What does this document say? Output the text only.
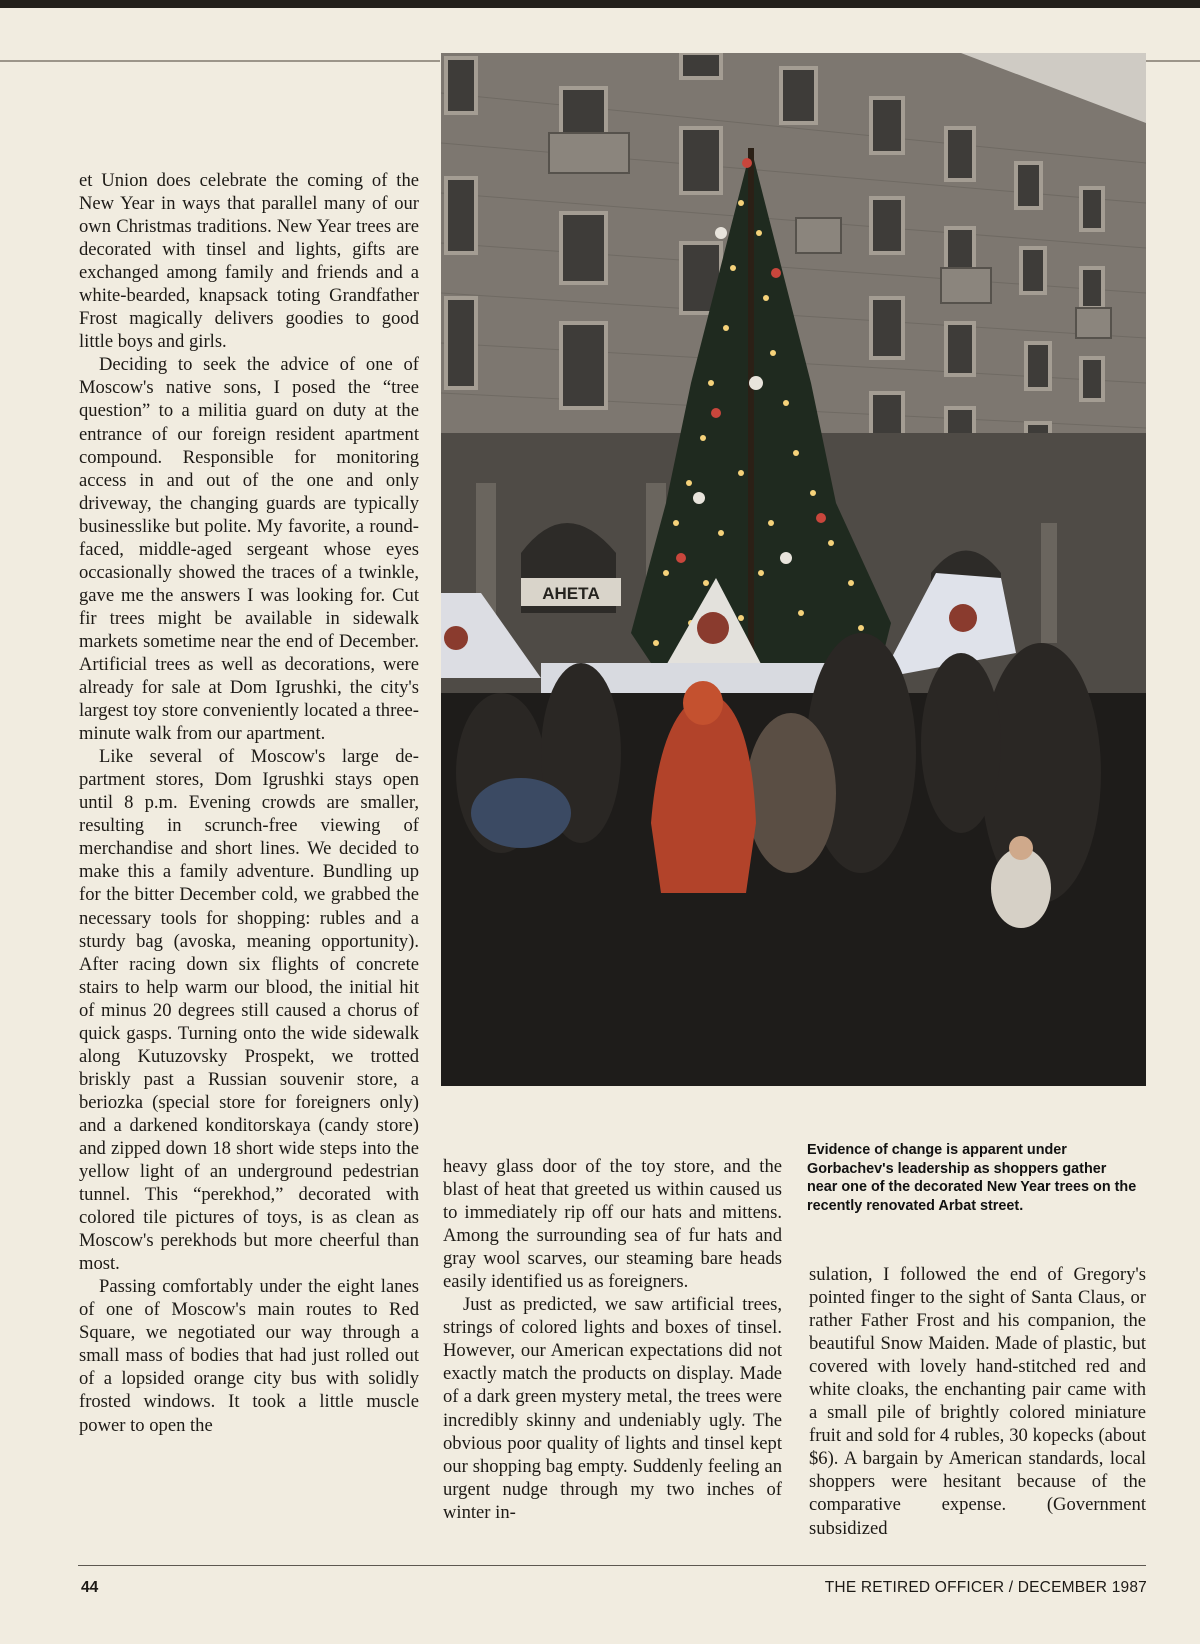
et Union does celebrate the coming of the New Year in ways that parallel many of our own Christmas traditions. New Year trees are decorated with tinsel and lights, gifts are exchanged among family and friends and a white-bearded, knapsack toting Grandfather Frost magically delivers goodies to good little boys and girls.

Deciding to seek the advice of one of Moscow's native sons, I posed the “tree question” to a militia guard on duty at the entrance of our foreign resident apartment compound. Responsible for monitoring access in and out of the one and only driveway, the changing guards are typically businesslike but polite. My favorite, a round-faced, middle-aged sergeant whose eyes occasionally showed the traces of a twinkle, gave me the answers I was looking for. Cut fir trees might be available in sidewalk markets sometime near the end of December. Artificial trees as well as decorations, were already for sale at Dom Igrushki, the city's largest toy store conveniently located a three-minute walk from our apartment.

Like several of Moscow's large department stores, Dom Igrushki stays open until 8 p.m. Evening crowds are smaller, resulting in scrunch-free viewing of merchandise and short lines. We decided to make this a family adventure. Bundling up for the bitter December cold, we grabbed the necessary tools for shopping: rubles and a sturdy bag (avoska, meaning opportunity). After racing down six flights of concrete stairs to help warm our blood, the initial hit of minus 20 degrees still caused a chorus of quick gasps. Turning onto the wide sidewalk along Kutuzovsky Prospekt, we trotted briskly past a Russian souvenir store, a beriozka (special store for foreigners only) and a darkened konditorskaya (candy store) and zipped down 18 short wide steps into the yellow light of an underground pedestrian tunnel. This “perekhod,” decorated with colored tile pictures of toys, is as clean as Moscow's perekhods but more cheerful than most.

Passing comfortably under the eight lanes of one of Moscow's main routes to Red Square, we negotiated our way through a small mass of bodies that had just rolled out of a lopsided orange city bus with solidly frosted windows. It took a little muscle power to open the

АНЕТА

heavy glass door of the toy store, and the blast of heat that greeted us within caused us to immediately rip off our hats and mittens. Among the surrounding sea of fur hats and gray wool scarves, our steaming bare heads easily identified us as foreigners.

Just as predicted, we saw artificial trees, strings of colored lights and boxes of tinsel. However, our American expectations did not exactly match the products on display. Made of a dark green mystery metal, the trees were incredibly skinny and undeniably ugly. The obvious poor quality of lights and tinsel kept our shopping bag empty. Suddenly feeling an urgent nudge through my two inches of winter in-

Evidence of change is apparent under Gorbachev's leadership as shoppers gather near one of the decorated New Year trees on the recently renovated Arbat street.

sulation, I followed the end of Gregory's pointed finger to the sight of Santa Claus, or rather Father Frost and his companion, the beautiful Snow Maiden. Made of plastic, but covered with lovely hand-stitched red and white cloaks, the enchanting pair came with a small pile of brightly colored miniature fruit and sold for 4 rubles, 30 kopecks (about $6). A bargain by American standards, local shoppers were hesitant because of the comparative expense. (Government subsidized

44	THE RETIRED OFFICER / DECEMBER 1987
